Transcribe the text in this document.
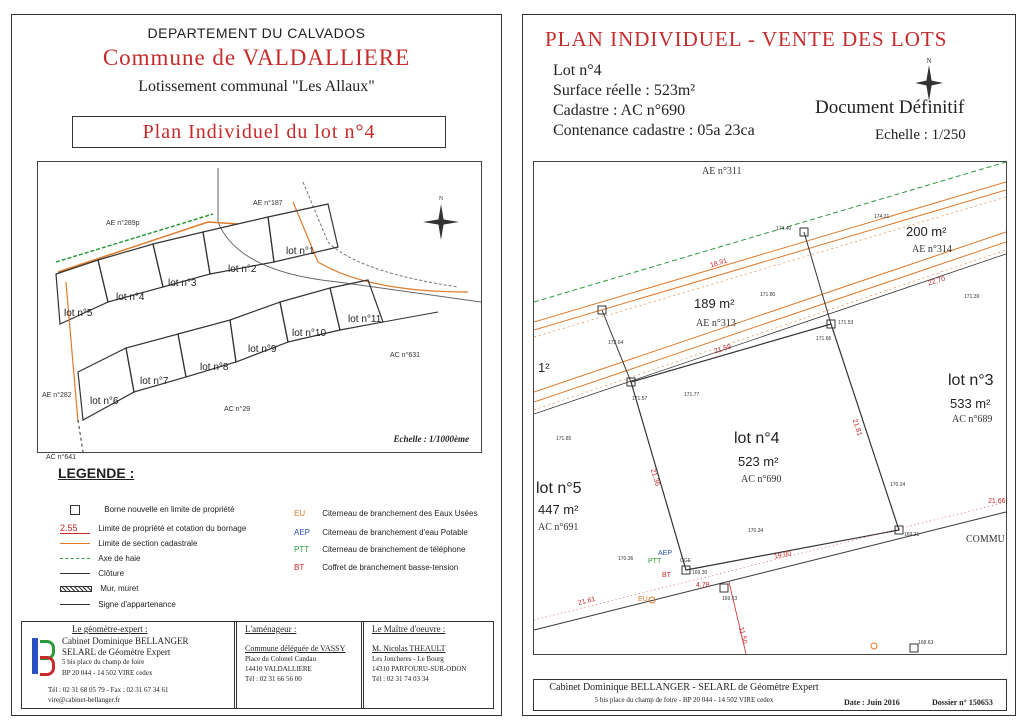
DEPARTEMENT DU CALVADOS
Commune de VALDALLIERE
Lotissement communal "Les Allaux"
Plan Individuel du lot n°4
N
lot n°1
lot n°2
lot n°3
lot n°4
lot n°5
lot n°6
lot n°7
lot n°8
lot n°9
lot n°10
lot n°11
AE n°289p
AE n°187
AE n°282
AC n°641
AC n°29
AC n°631
Echelle : 1/1000ème
LEGENDE :
Borne nouvelle en limite de propriété
2.55	Limite de propriété et cotation du bornage
Limite de section cadastrale
Axe de haie
Clôture
Mur, muret
Signe d'appartenance
EU Citerneau de branchement des Eaux Usées
AEP Citerneau de branchement d'eau Potable
PTT Citerneau de branchement de téléphone
BT Coffret de branchement basse-tension
Le géomètre-expert :
Cabinet Dominique BELLANGER
SELARL de Géomètre Expert
5 bis place du champ de foire
BP 20 044 - 14 502 VIRE cedex
Tél : 02 31 68 05 79 - Fax : 02 31 67 34 61
vire@cabinet-bellanger.fr
L'aménageur :
Commune déléguée de VASSY
Place du Colonel Candau
14410 VALDALLIERE
Tél : 02 31 66 56 00
Le Maître d'oeuvre :
M. Nicolas THEAULT
Les Joncheres - Le Bourg
14310 PARFOURU-SUR-ODON
Tél : 02 31 74 03 34
PLAN INDIVIDUEL - VENTE DES LOTS
Lot n°4
Surface réelle : 523m²
Cadastre : AC n°690
Contenance cadastre : 05a 23ca
N
Document Définitif
Echelle : 1/250
AE n°311
200 m²
AE n°314
189 m²
AE n°313
lot n°4
523 m²
AC n°690
lot n°3
533 m²
AC n°689
lot n°5
447 m²
AC n°691
1²
COMMU
21.61
21.36
19.00
21.66
22.70
4.78
11.50
21.81
21.59
18.91
171.57
171.77
171.85
170.24
170.34
169.30
169.13
169.21
168.63
171.53
174.40
174.31
171.80
171.66
172.64
171.39
170.36	OGE
EU
AEP
PTT
BT
Cabinet Dominique BELLANGER - SELARL de Géomètre Expert
5 bis place du champ de foire - BP 20 044 - 14 502 VIRE cedex	Date : Juin 2016	Dossier n° 150653
